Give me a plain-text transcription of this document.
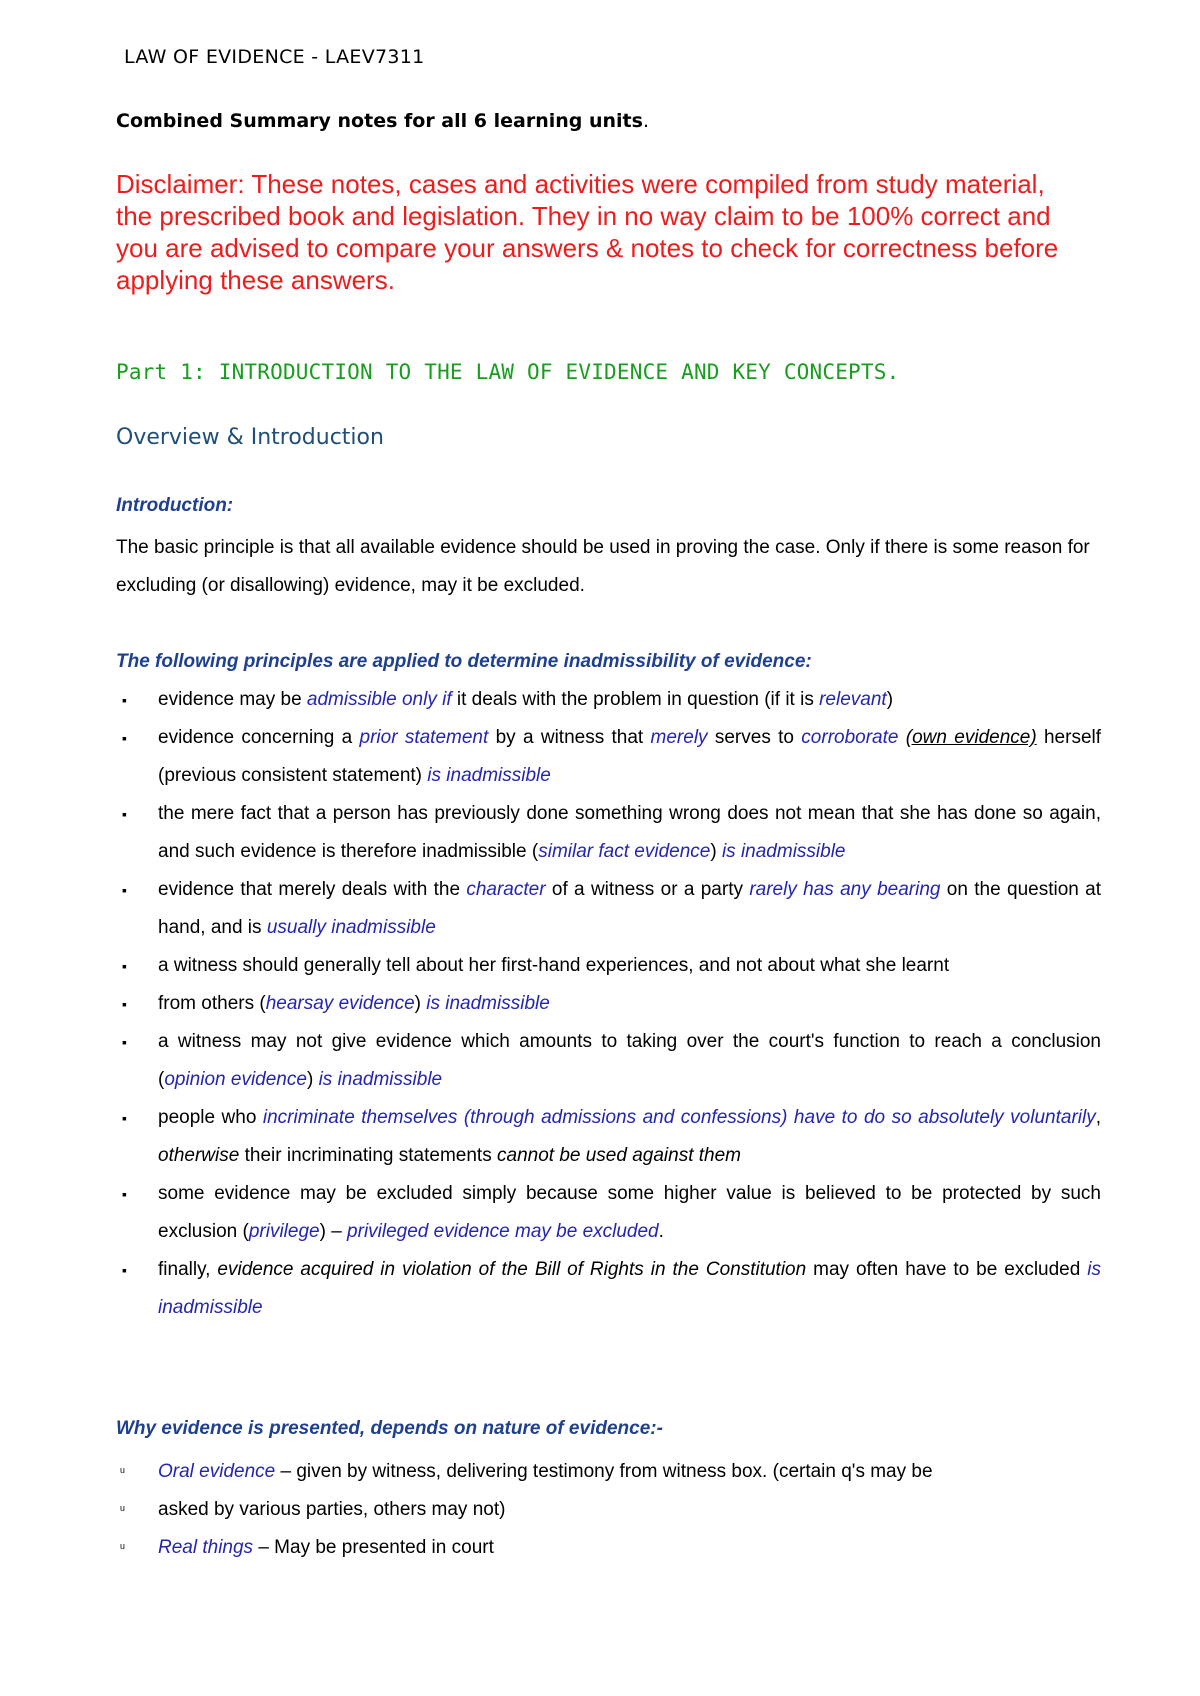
LAW OF EVIDENCE - LAEV7311
Combined Summary notes for all 6 learning units.
Disclaimer: These notes, cases and activities were compiled from study material, the prescribed book and legislation. They in no way claim to be 100% correct and you are advised to compare your answers & notes to check for correctness before applying these answers.
Part 1: INTRODUCTION TO THE LAW OF EVIDENCE AND KEY CONCEPTS.
Overview & Introduction
Introduction:
The basic principle is that all available evidence should be used in proving the case. Only if there is some reason for excluding (or disallowing) evidence, may it be excluded.
The following principles are applied to determine inadmissibility of evidence:
▪ evidence may be admissible only if it deals with the problem in question (if it is relevant)
▪ evidence concerning a prior statement by a witness that merely serves to corroborate (own evidence) herself (previous consistent statement) is inadmissible
▪ the mere fact that a person has previously done something wrong does not mean that she has done so again, and such evidence is therefore inadmissible (similar fact evidence) is inadmissible
▪ evidence that merely deals with the character of a witness or a party rarely has any bearing on the question at hand, and is usually inadmissible
▪ a witness should generally tell about her first-hand experiences, and not about what she learnt
▪ from others (hearsay evidence) is inadmissible
▪ a witness may not give evidence which amounts to taking over the court's function to reach a conclusion (opinion evidence) is inadmissible
▪ people who incriminate themselves (through admissions and confessions) have to do so absolutely voluntarily, otherwise their incriminating statements cannot be used against them
▪ some evidence may be excluded simply because some higher value is believed to be protected by such exclusion (privilege) – privileged evidence may be excluded.
▪ finally, evidence acquired in violation of the Bill of Rights in the Constitution may often have to be excluded is inadmissible
Why evidence is presented, depends on nature of evidence:-
ᵘ Oral evidence – given by witness, delivering testimony from witness box. (certain q's may be
ᵘ asked by various parties, others may not)
ᵘ Real things – May be presented in court
